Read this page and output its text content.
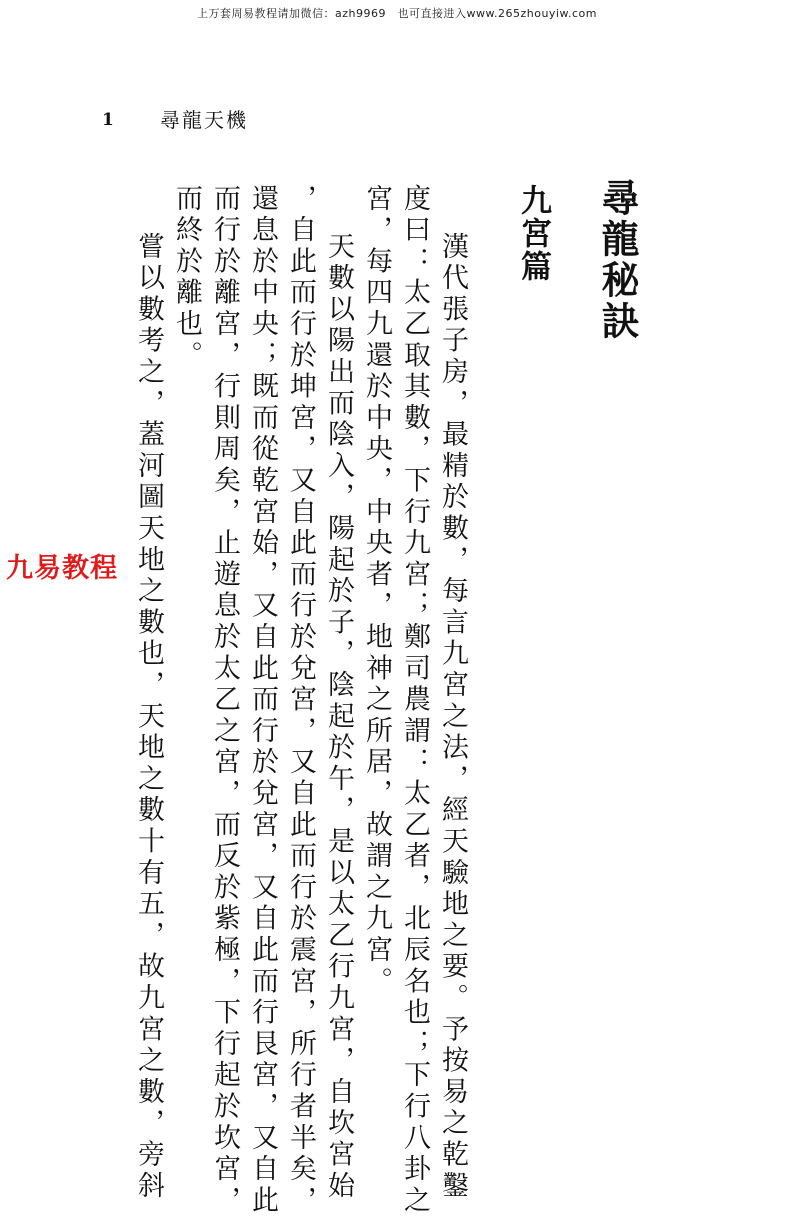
上万套周易教程请加微信：azh9969　也可直接进入www.265zhouyiw.com
1 尋龍天機
尋龍秘訣
九宮篇
漢代張子房，最精於數，每言九宮之法，經天驗地之要。予按易之乾鑿
度曰：太乙取其數，下行九宮；鄭司農謂：太乙者，北辰名也；下行八卦之
宮，每四九還於中央，中央者，地神之所居，故謂之九宮。
天數以陽出而陰入，陽起於子，陰起於午，是以太乙行九宮，自坎宮始
，自此而行於坤宮，又自此而行於兌宮，又自此而行於震宮，所行者半矣，
還息於中央；既而從乾宮始，又自此而行於兌宮，又自此而行艮宮，又自此
而行於離宮，行則周矣，止遊息於太乙之宮，而反於紫極，下行起於坎宮，
而終於離也。
嘗以數考之，蓋河圖天地之數也，天地之數十有五，故九宮之數，旁斜
九易教程
